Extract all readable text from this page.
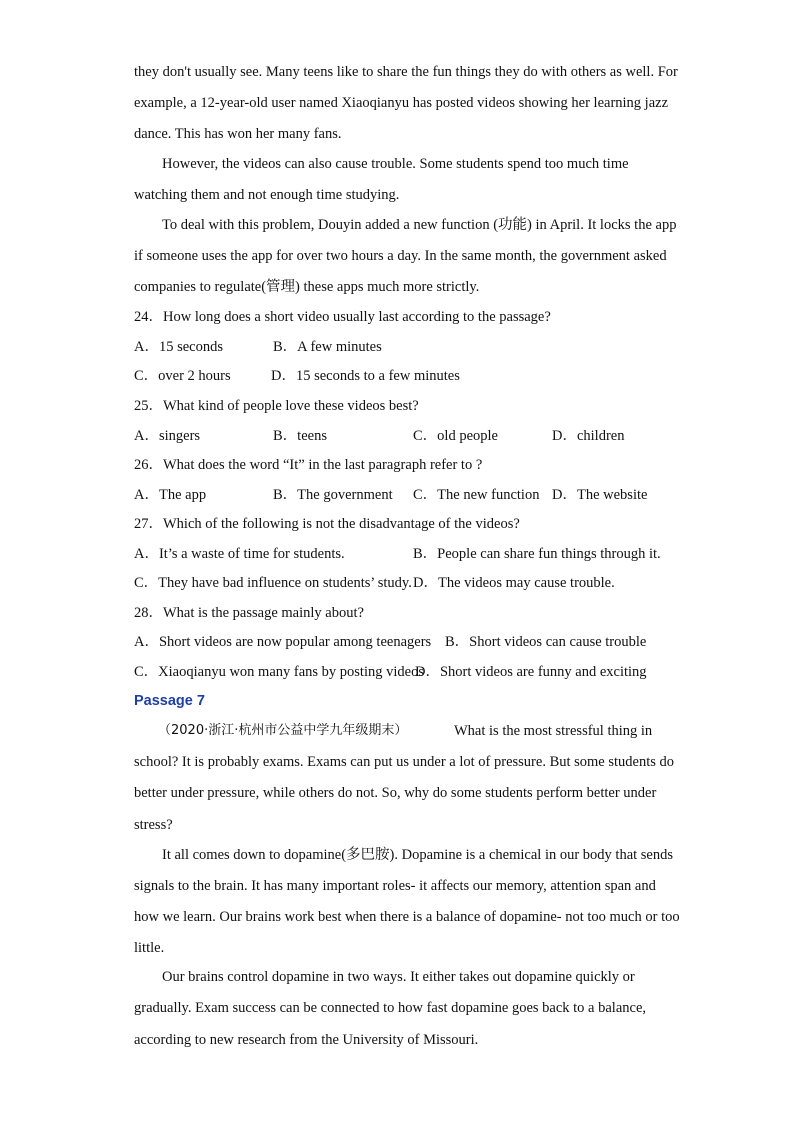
they don't usually see. Many teens like to share the fun things they do with others as well. For
example, a 12-year-old user named Xiaoqianyu has posted videos showing her learning jazz
dance. This has won her many fans.
However, the videos can also cause trouble. Some students spend too much time
watching them and not enough time studying.
To deal with this problem, Douyin added a new function (功能) in April. It locks the app
if someone uses the app for over two hours a day. In the same month, the government asked
companies to regulate(管理) these apps much more strictly.
24．How long does a short video usually last according to the passage?
A．15 seconds	B．A few minutes
C．over 2 hours	D．15 seconds to a few minutes
25．What kind of people love these videos best?
A．singers	B．teens	C．old people	D．children
26．What does the word “It” in the last paragraph refer to ?
A．The app	B．The government C．The new function D．The website
27．Which of the following is not the disadvantage of the videos?
A．It’s a waste of time for students.	B．People can share fun things through it.
C．They have bad influence on students’ study. D．The videos may cause trouble.
28．What is the passage mainly about?
A．Short videos are now popular among teenagers B．Short videos can cause trouble
C．Xiaoqianyu won many fans by posting videos
D．Short videos are funny and exciting
Passage 7
（2020·浙江·杭州市公益中学九年级期末）	What is the most stressful thing in
school? It is probably exams. Exams can put us under a lot of pressure. But some students do
better under pressure, while others do not. So, why do some students perform better under
stress?
It all comes down to dopamine(多巴胺). Dopamine is a chemical in our body that sends
signals to the brain. It has many important roles- it affects our memory, attention span and
how we learn. Our brains work best when there is a balance of dopamine- not too much or too
little.
Our brains control dopamine in two ways. It either takes out dopamine quickly or
gradually. Exam success can be connected to how fast dopamine goes back to a balance,
according to new research from the University of Missouri.
